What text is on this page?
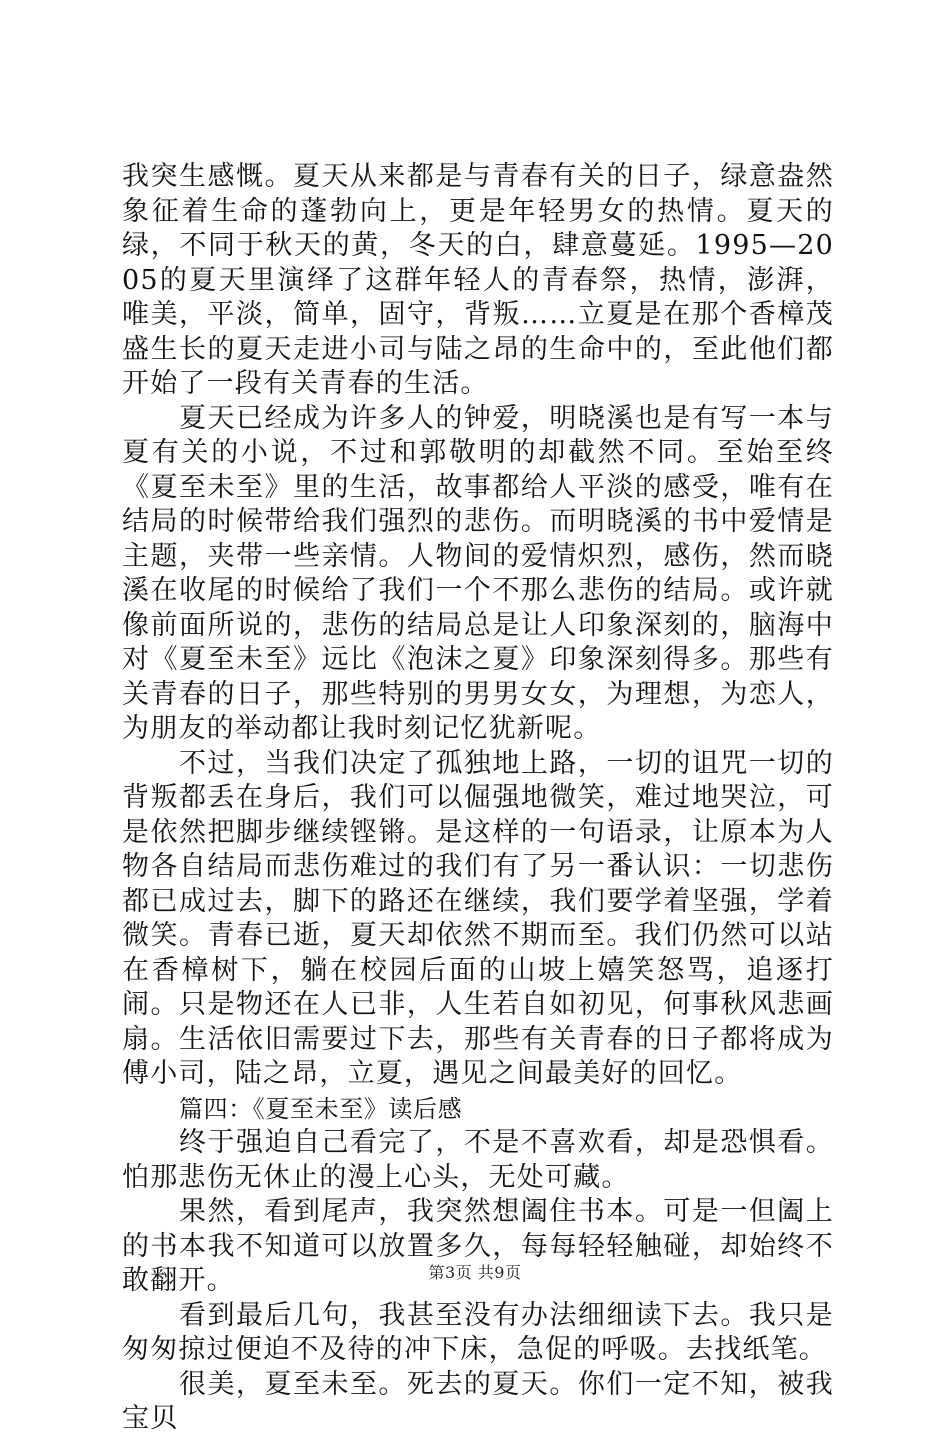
我突生感慨。夏天从来都是与青春有关的日子，绿意盎然象征着生命的蓬勃向上，更是年轻男女的热情。夏天的绿，不同于秋天的黄，冬天的白，肆意蔓延。1995—2005的夏天里演绎了这群年轻人的青春祭，热情，澎湃，唯美，平淡，简单，固守，背叛……立夏是在那个香樟茂盛生长的夏天走进小司与陆之昂的生命中的，至此他们都开始了一段有关青春的生活。

夏天已经成为许多人的钟爱，明晓溪也是有写一本与夏有关的小说，不过和郭敬明的却截然不同。至始至终《夏至未至》里的生活，故事都给人平淡的感受，唯有在结局的时候带给我们强烈的悲伤。而明晓溪的书中爱情是主题，夹带一些亲情。人物间的爱情炽烈，感伤，然而晓溪在收尾的时候给了我们一个不那么悲伤的结局。或许就像前面所说的，悲伤的结局总是让人印象深刻的，脑海中对《夏至未至》远比《泡沫之夏》印象深刻得多。那些有关青春的日子，那些特别的男男女女，为理想，为恋人，为朋友的举动都让我时刻记忆犹新呢。

不过，当我们决定了孤独地上路，一切的诅咒一切的背叛都丢在身后，我们可以倔强地微笑，难过地哭泣，可是依然把脚步继续铿锵。是这样的一句语录，让原本为人物各自结局而悲伤难过的我们有了另一番认识：一切悲伤都已成过去，脚下的路还在继续，我们要学着坚强，学着微笑。青春已逝，夏天却依然不期而至。我们仍然可以站在香樟树下，躺在校园后面的山坡上嬉笑怒骂，追逐打闹。只是物还在人已非，人生若自如初见，何事秋风悲画扇。生活依旧需要过下去，那些有关青春的日子都将成为傅小司，陆之昂，立夏，遇见之间最美好的回忆。

篇四：《夏至未至》读后感

终于强迫自己看完了，不是不喜欢看，却是恐惧看。怕那悲伤无休止的漫上心头，无处可藏。

果然，看到尾声，我突然想阖住书本。可是一但阖上的书本我不知道可以放置多久，每每轻轻触碰，却始终不敢翻开。

看到最后几句，我甚至没有办法细细读下去。我只是匆匆掠过便迫不及待的冲下床，急促的呼吸。去找纸笔。

很美，夏至未至。死去的夏天。你们一定不知，被我宝贝

第3页 共9页
